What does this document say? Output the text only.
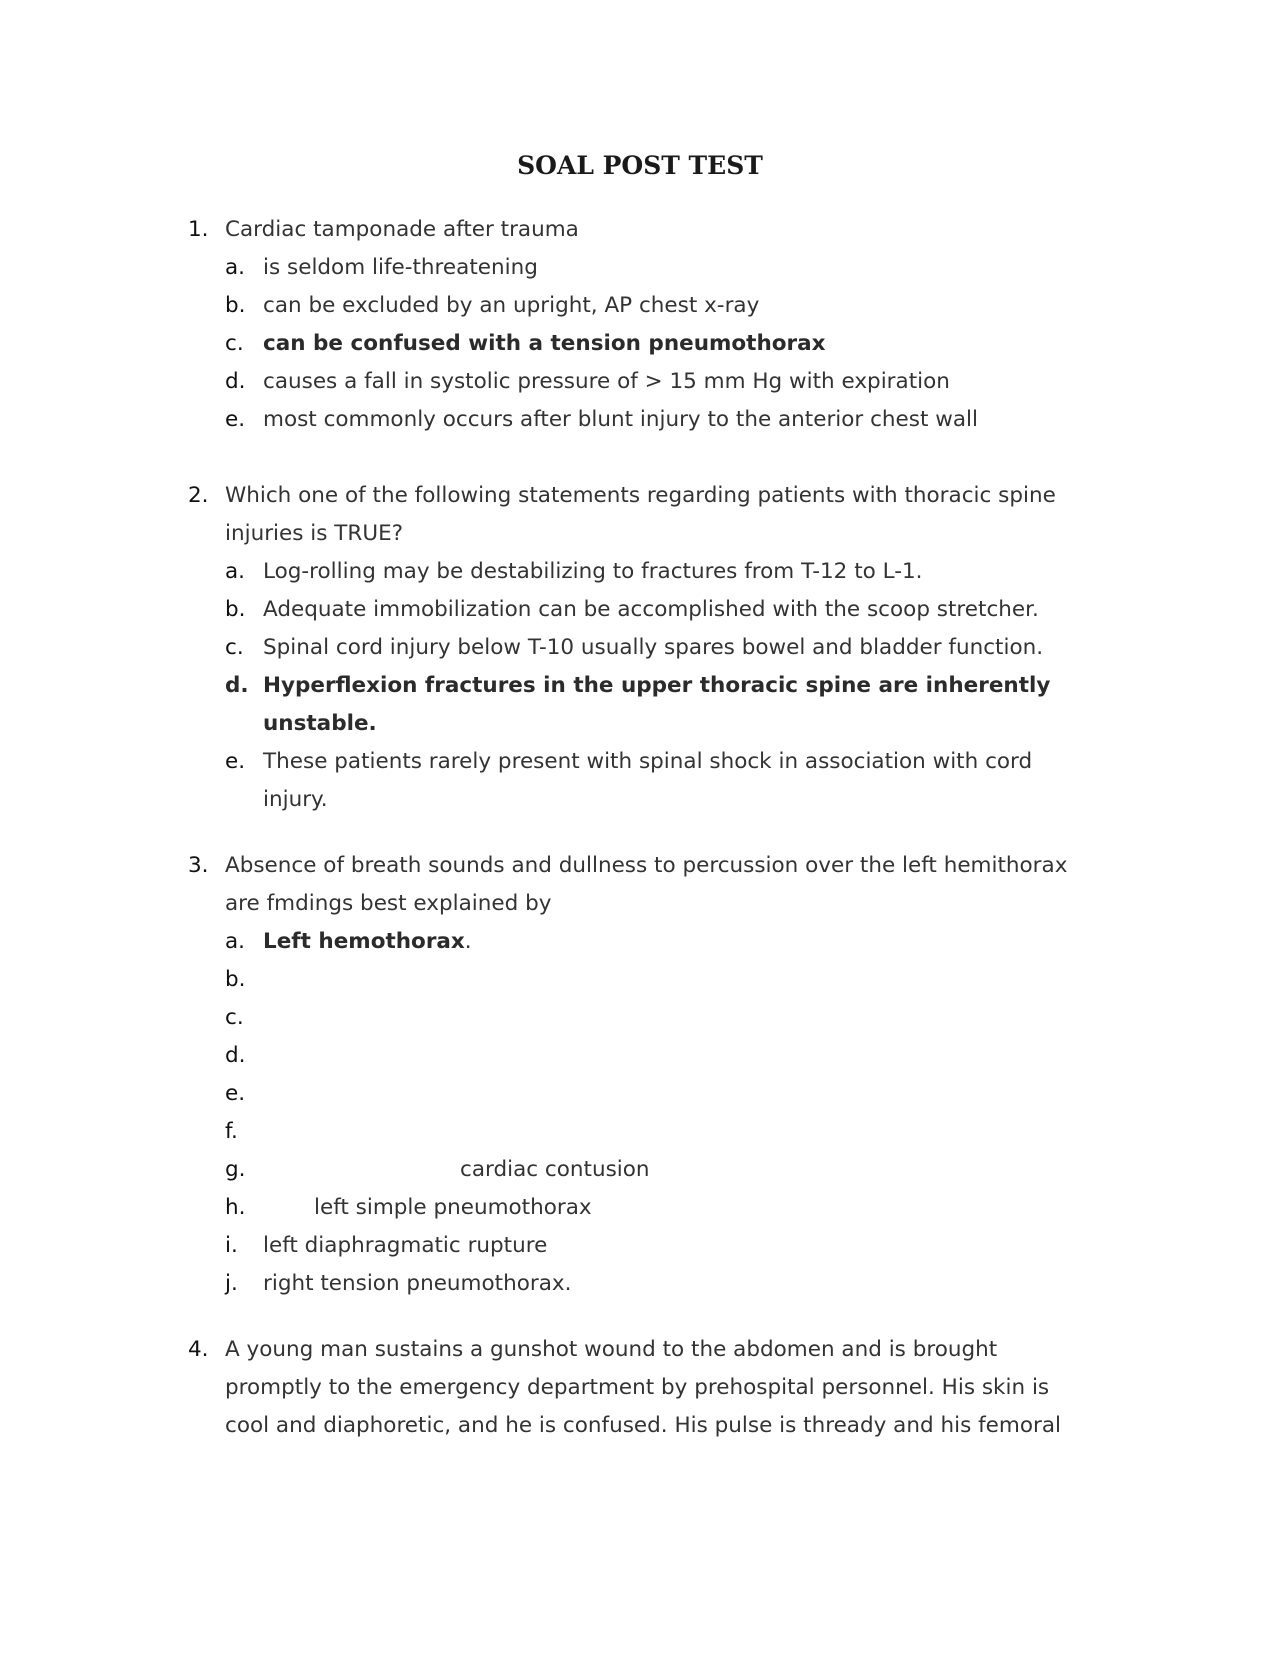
SOAL POST TEST
1. Cardiac tamponade after trauma
a. is seldom life-threatening
b. can be excluded by an upright, AP chest x-ray
c. can be confused with a tension pneumothorax
d. causes a fall in systolic pressure of > 15 mm Hg with expiration
e. most commonly occurs after blunt injury to the anterior chest wall
2. Which one of the following statements regarding patients with thoracic spine
injuries is TRUE?
a. Log-rolling may be destabilizing to fractures from T-12 to L-1.
b. Adequate immobilization can be accomplished with the scoop stretcher.
c. Spinal cord injury below T-10 usually spares bowel and bladder function.
d. Hyperflexion fractures in the upper thoracic spine are inherently
unstable.
e. These patients rarely present with spinal shock in association with cord
injury.
3. Absence of breath sounds and dullness to percussion over the left hemithorax
are fmdings best explained by
a. Left hemothorax.
b.
c.
d.
e.
f.
g.	cardiac contusion
h.	left simple pneumothorax
i. left diaphragmatic rupture
j. right tension pneumothorax.
4. A young man sustains a gunshot wound to the abdomen and is brought
promptly to the emergency department by prehospital personnel. His skin is
cool and diaphoretic, and he is confused. His pulse is thready and his femoral
